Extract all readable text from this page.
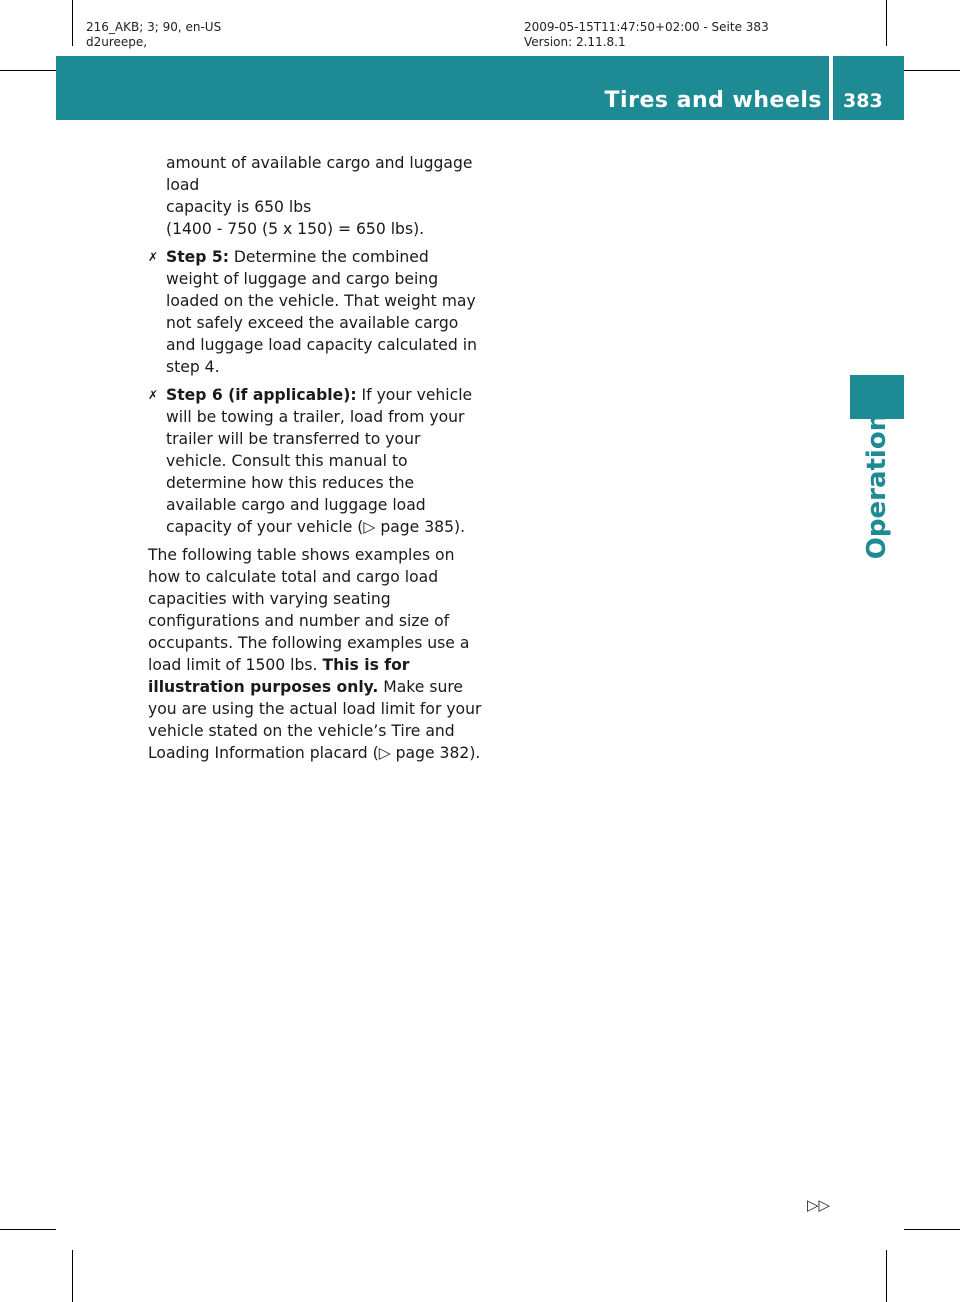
216_AKB; 3; 90, en-US
d2ureepe,
2009-05-15T11:47:50+02:00 - Seite 383
Version: 2.11.8.1
Tires and wheels 383
Operation

amount of available cargo and luggage load
capacity is 650 lbs
(1400 - 750 (5 x 150) = 650 lbs).

✗ Step 5: Determine the combined weight of luggage and cargo being loaded on the vehicle. That weight may not safely exceed the available cargo and luggage load capacity calculated in step 4.

✗ Step 6 (if applicable): If your vehicle will be towing a trailer, load from your trailer will be transferred to your vehicle. Consult this manual to determine how this reduces the available cargo and luggage load capacity of your vehicle (▷ page 385).

The following table shows examples on how to calculate total and cargo load capacities with varying seating configurations and number and size of occupants. The following examples use a load limit of 1500 lbs. This is for illustration purposes only. Make sure you are using the actual load limit for your vehicle stated on the vehicle’s Tire and Loading Information placard (▷ page 382).

▷▷
